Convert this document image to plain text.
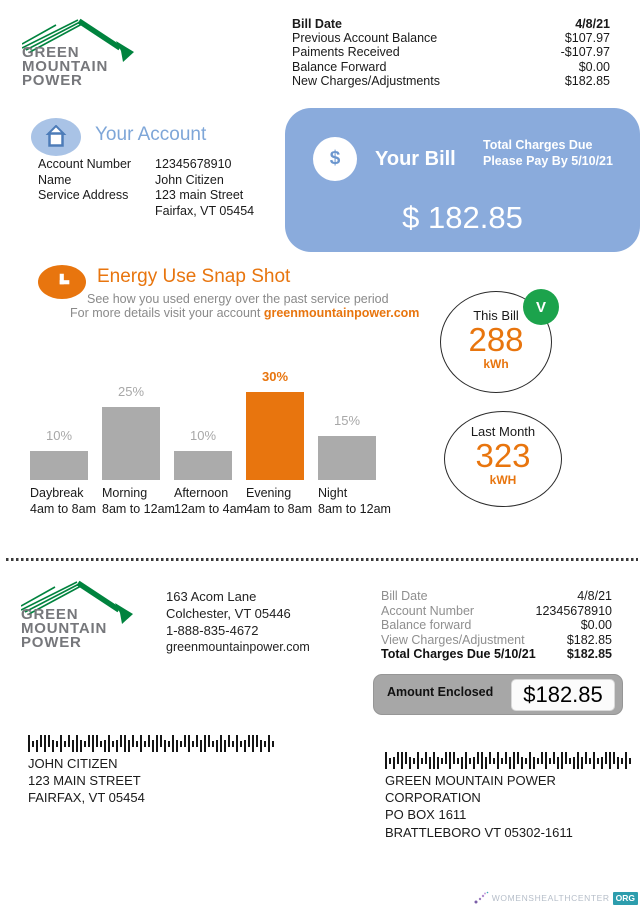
GREEN
MOUNTAIN
POWER
Bill Date	4/8/21
Previous Account Balance	$107.97
Paiments Received	-$107.97
Balance Forward	$0.00
New Charges/Adjustments	$182.85
Your Account
Account Number	12345678910
Name	John Citizen
Service Address	123 main Street
Fairfax, VT 05454
$ Your Bill
Total Charges Due
Please Pay By 5/10/21
$ 182.85
Energy Use Snap Shot
See how you used energy over the past service period
For more details visit your account greenmountainpower.com
10%
Daybreak
4am to 8am
25%
Morning
8am to 12am
10%
Afternoon
12am to 4am
30%
Evening
4am to 8am
15%
Night
8am to 12am
This Bill
288
kWh
V
Last Month
323
kWH
GREEN
MOUNTAIN
POWER
163 Acom Lane
Colchester, VT 05446
1-888-835-4672
greenmountainpower.com
Bill Date	4/8/21
Account Number	12345678910
Balance forward	$0.00
View Charges/Adjustment	$182.85
Total Charges Due 5/10/21 $182.85
Amount Enclosed	$182.85
JOHN CITIZEN
123 MAIN STREET
FAIRFAX, VT 05454
GREEN MOUNTAIN POWER CORPORATION
PO BOX 1611
BRATTLEBORO VT 05302-1611
WOMENSHEALTHCENTER ORG
